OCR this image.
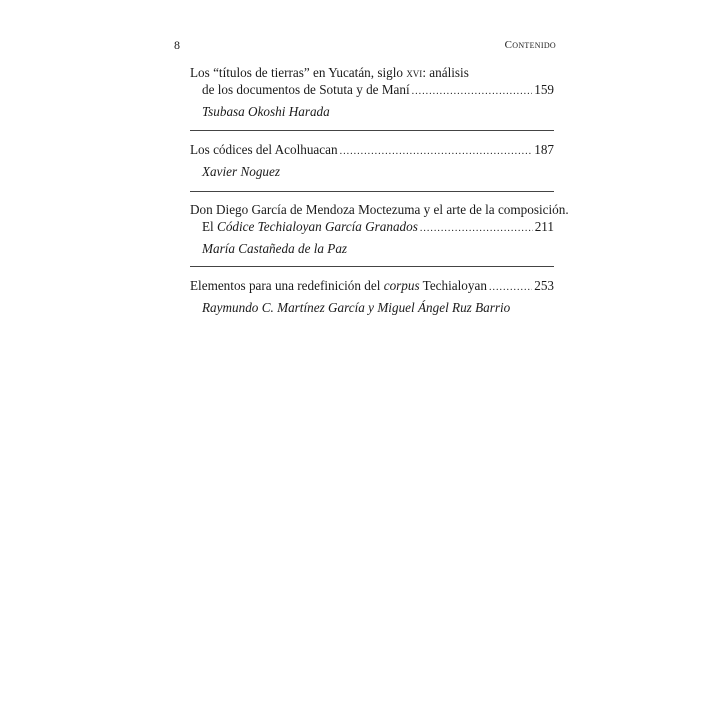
8	Contenido
Los “títulos de tierras” en Yucatán, siglo xvi: análisis
de los documentos de Sotuta y de Maní .....	159
Tsubasa Okoshi Harada
Los códices del Acolhuacan .....	187
Xavier Noguez
Don Diego García de Mendoza Moctezuma y el arte de la composición.
El Códice Techialoyan García Granados .....	211
María Castañeda de la Paz
Elementos para una redefinición del corpus Techialoyan .....	253
Raymundo C. Martínez García y Miguel Ángel Ruz Barrio
